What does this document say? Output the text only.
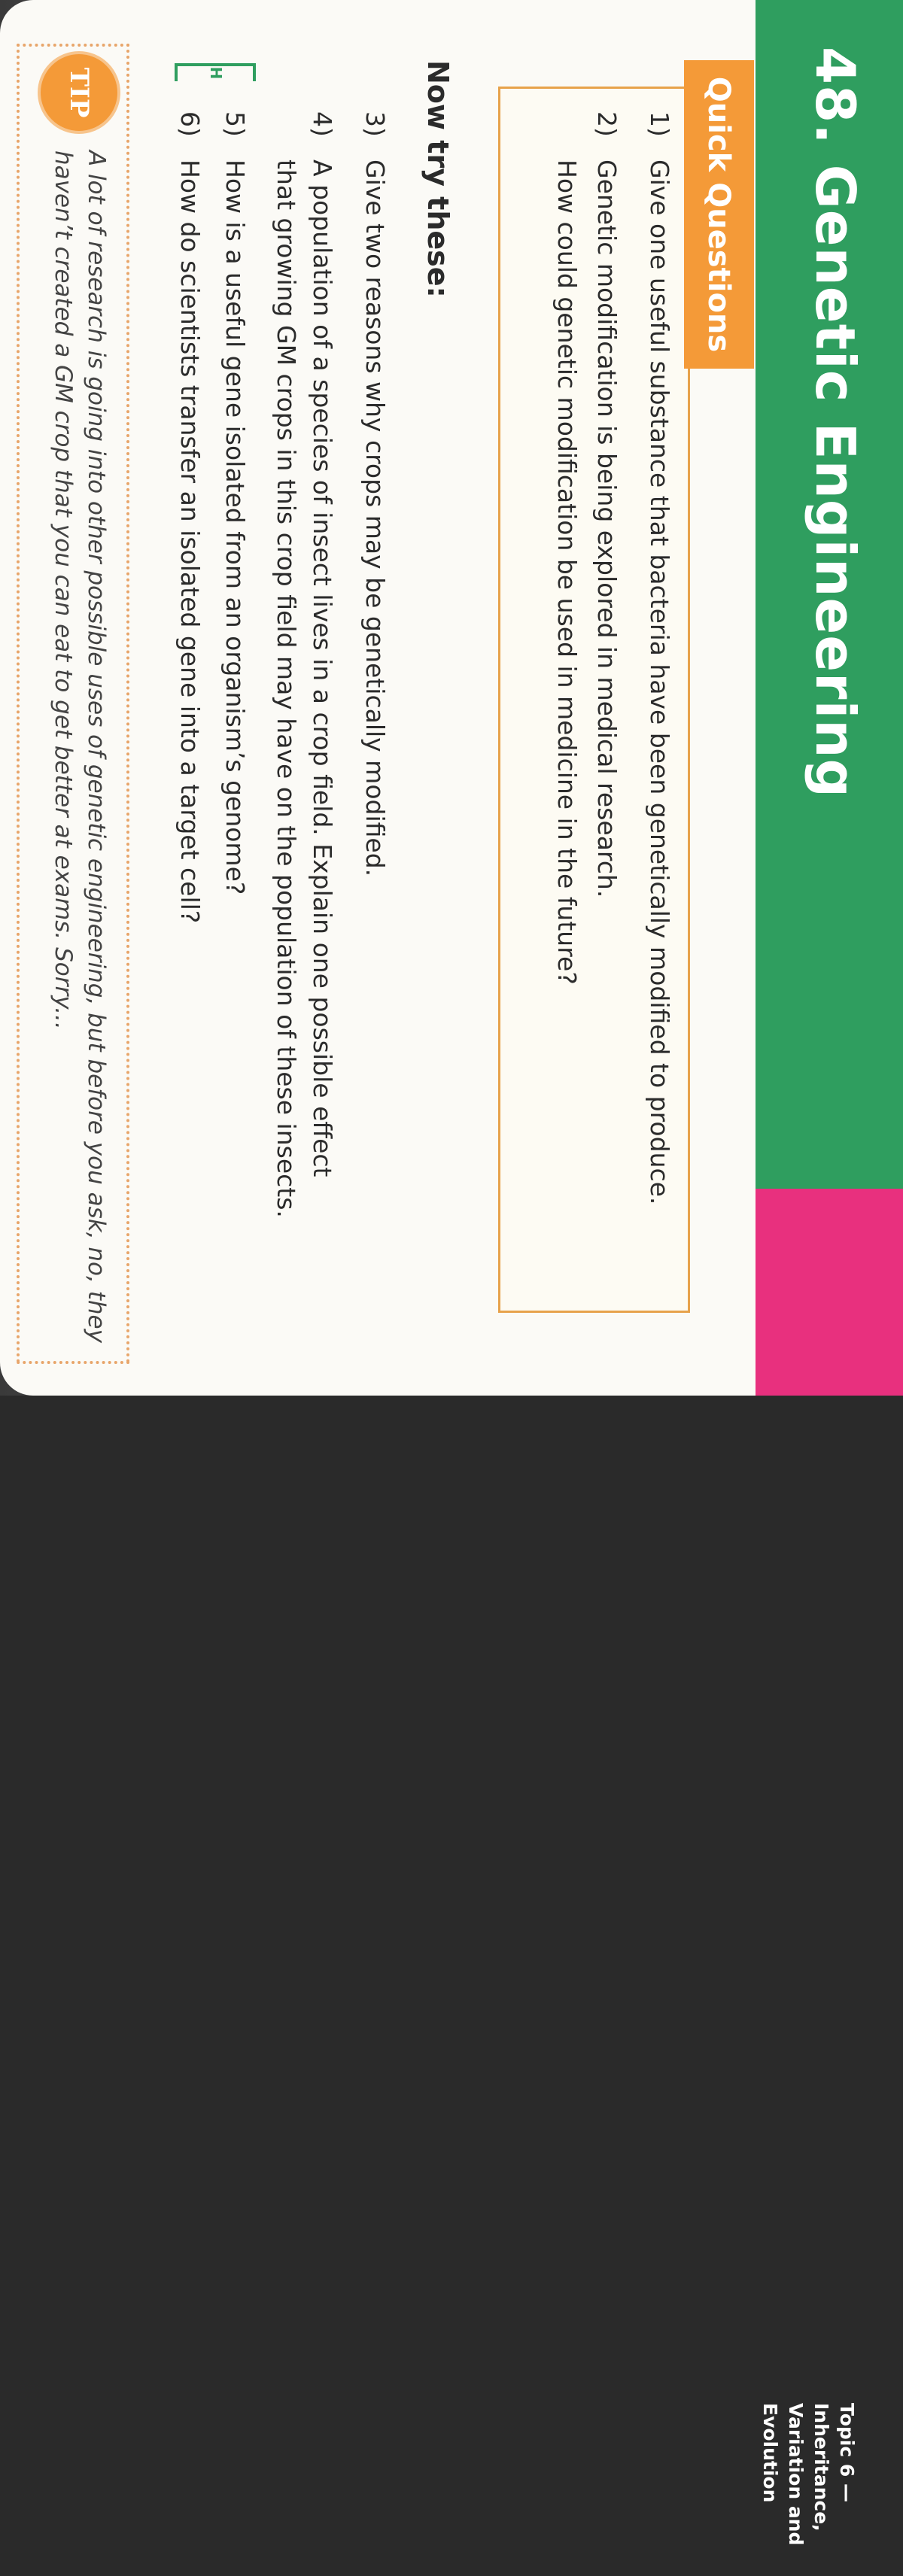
48. Genetic Engineering
Topic 6 — Inheritance, Variation and Evolution
Quick Questions
1)Give one useful substance that bacteria have been genetically modified to produce.
2)Genetic modification is being explored in medical research.
How could genetic modification be used in medicine in the future?
Now try these:
3)Give two reasons why crops may be genetically modified.
4)A population of a species of insect lives in a crop field. Explain one possible effect
that growing GM crops in this crop field may have on the population of these insects.
5)How is a useful gene isolated from an organism’s genome?
6)How do scientists transfer an isolated gene into a target cell?
H
TIP
A lot of research is going into other possible uses of genetic engineering, but before you ask, no, they haven’t created a GM crop that you can eat to get better at exams. Sorry...
